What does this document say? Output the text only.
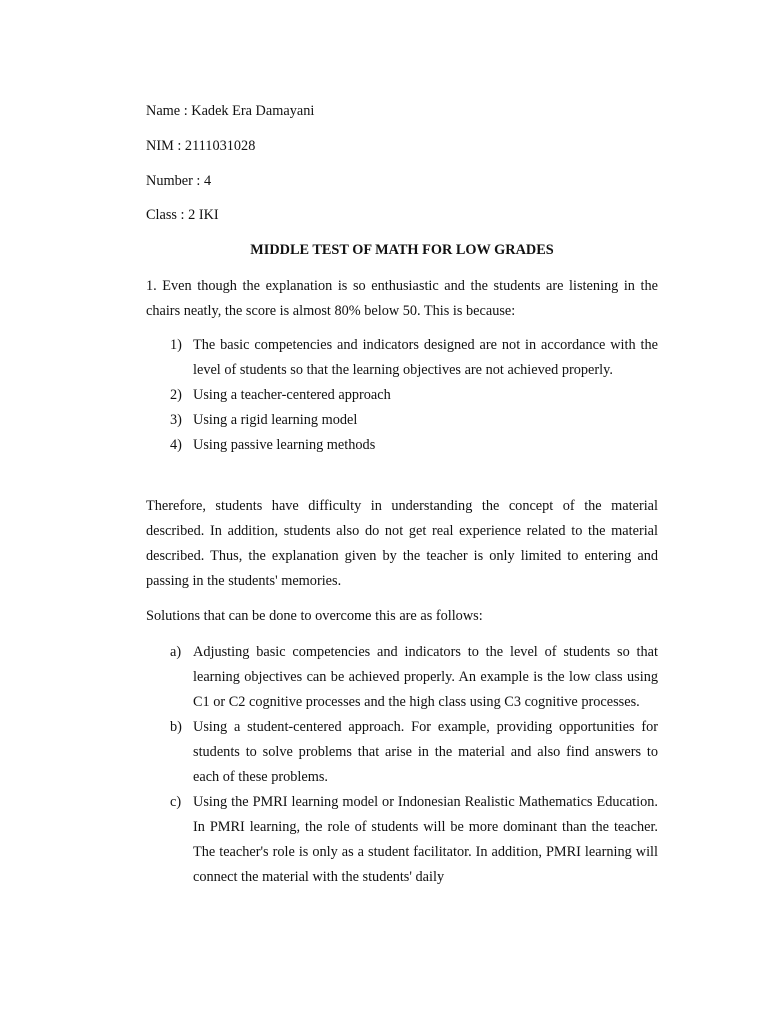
Name : Kadek Era Damayani
NIM : 2111031028
Number : 4
Class : 2 IKI
MIDDLE TEST OF MATH FOR LOW GRADES
1. Even though the explanation is so enthusiastic and the students are listening in the chairs neatly, the score is almost 80% below 50. This is because:
1) The basic competencies and indicators designed are not in accordance with the level of students so that the learning objectives are not achieved properly.
2) Using a teacher-centered approach
3) Using a rigid learning model
4) Using passive learning methods
Therefore, students have difficulty in understanding the concept of the material described. In addition, students also do not get real experience related to the material described. Thus, the explanation given by the teacher is only limited to entering and passing in the students' memories.
Solutions that can be done to overcome this are as follows:
a) Adjusting basic competencies and indicators to the level of students so that learning objectives can be achieved properly. An example is the low class using C1 or C2 cognitive processes and the high class using C3 cognitive processes.
b) Using a student-centered approach. For example, providing opportunities for students to solve problems that arise in the material and also find answers to each of these problems.
c) Using the PMRI learning model or Indonesian Realistic Mathematics Education. In PMRI learning, the role of students will be more dominant than the teacher. The teacher's role is only as a student facilitator. In addition, PMRI learning will connect the material with the students' daily
